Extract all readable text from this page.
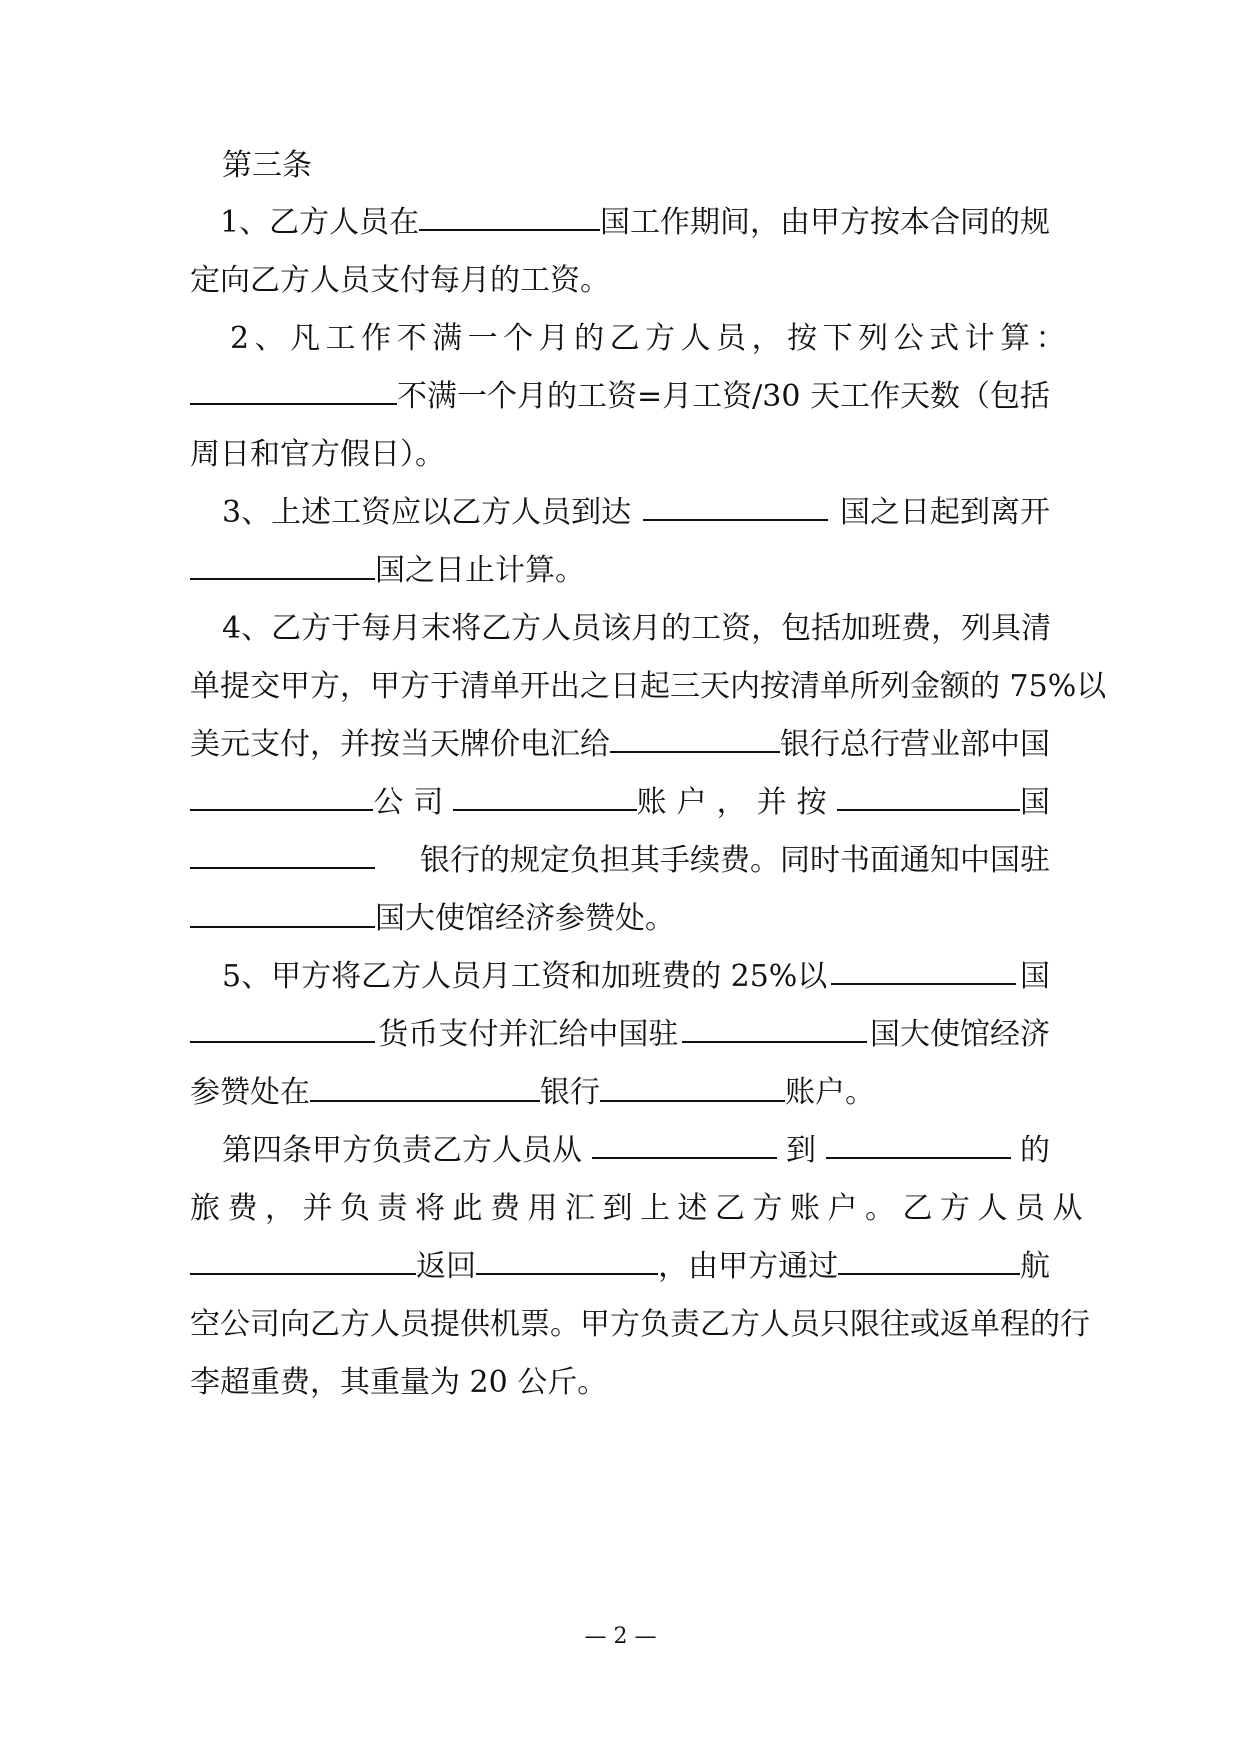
第三条
1、乙方人员在	国工作期间，由甲方按本合同的规
定向乙方人员支付每月的工资。
2、凡工作不满一个月的乙方人员，按下列公式计算：
不满一个月的工资=月工资/30 天工作天数（包括
周日和官方假日）。
3、上述工资应以乙方人员到达	国之日起到离开
国之日止计算。
4、乙方于每月末将乙方人员该月的工资，包括加班费，列具清
单提交甲方，甲方于清单开出之日起三天内按清单所列金额的 75%以
美元支付，并按当天牌价电汇给	银行总行营业部中国
公司	账户，并按	国
银行的规定负担其手续费。同时书面通知中国驻
国大使馆经济参赞处。
5、甲方将乙方人员月工资和加班费的 25%以	国
货币支付并汇给中国驻	国大使馆经济
参赞处在	银行	账户。
第四条甲方负责乙方人员从	到	的
旅费，并负责将此费用汇到上述乙方账户。乙方人员从
返回	，由甲方通过	航
空公司向乙方人员提供机票。甲方负责乙方人员只限往或返单程的行
李超重费，其重量为 20 公斤。
— 2 —
